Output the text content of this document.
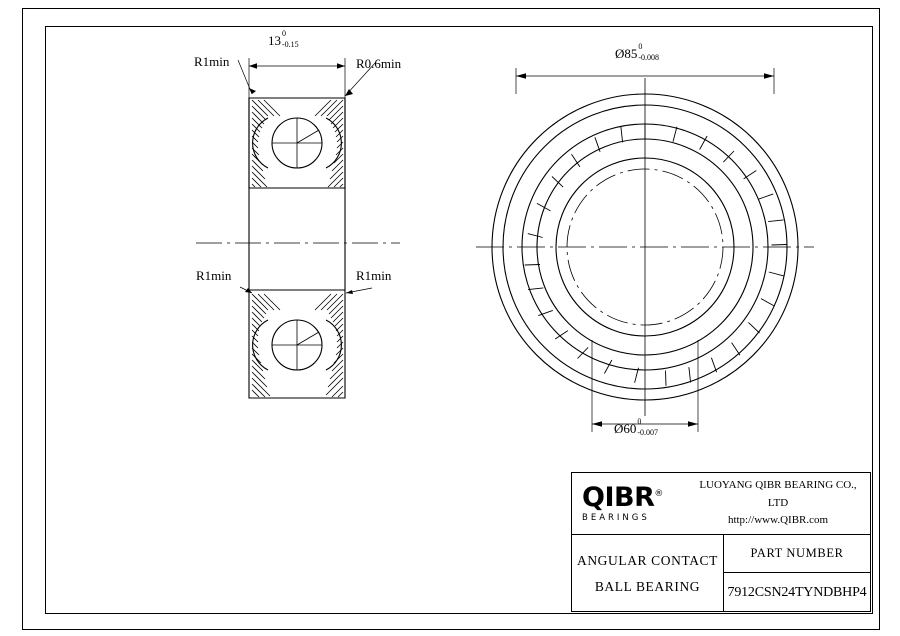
R1min	R0.6min
R1min	R1min
13 0
-0.15
Ø85 0
-0.008
Ø60 0
-0.007
QIBR®
BEARINGS
LUOYANG QIBR BEARING CO., LTD
http://www.QIBR.com
ANGULAR CONTACT
BALL BEARING
PART NUMBER
7912CSN24TYNDBHP4
